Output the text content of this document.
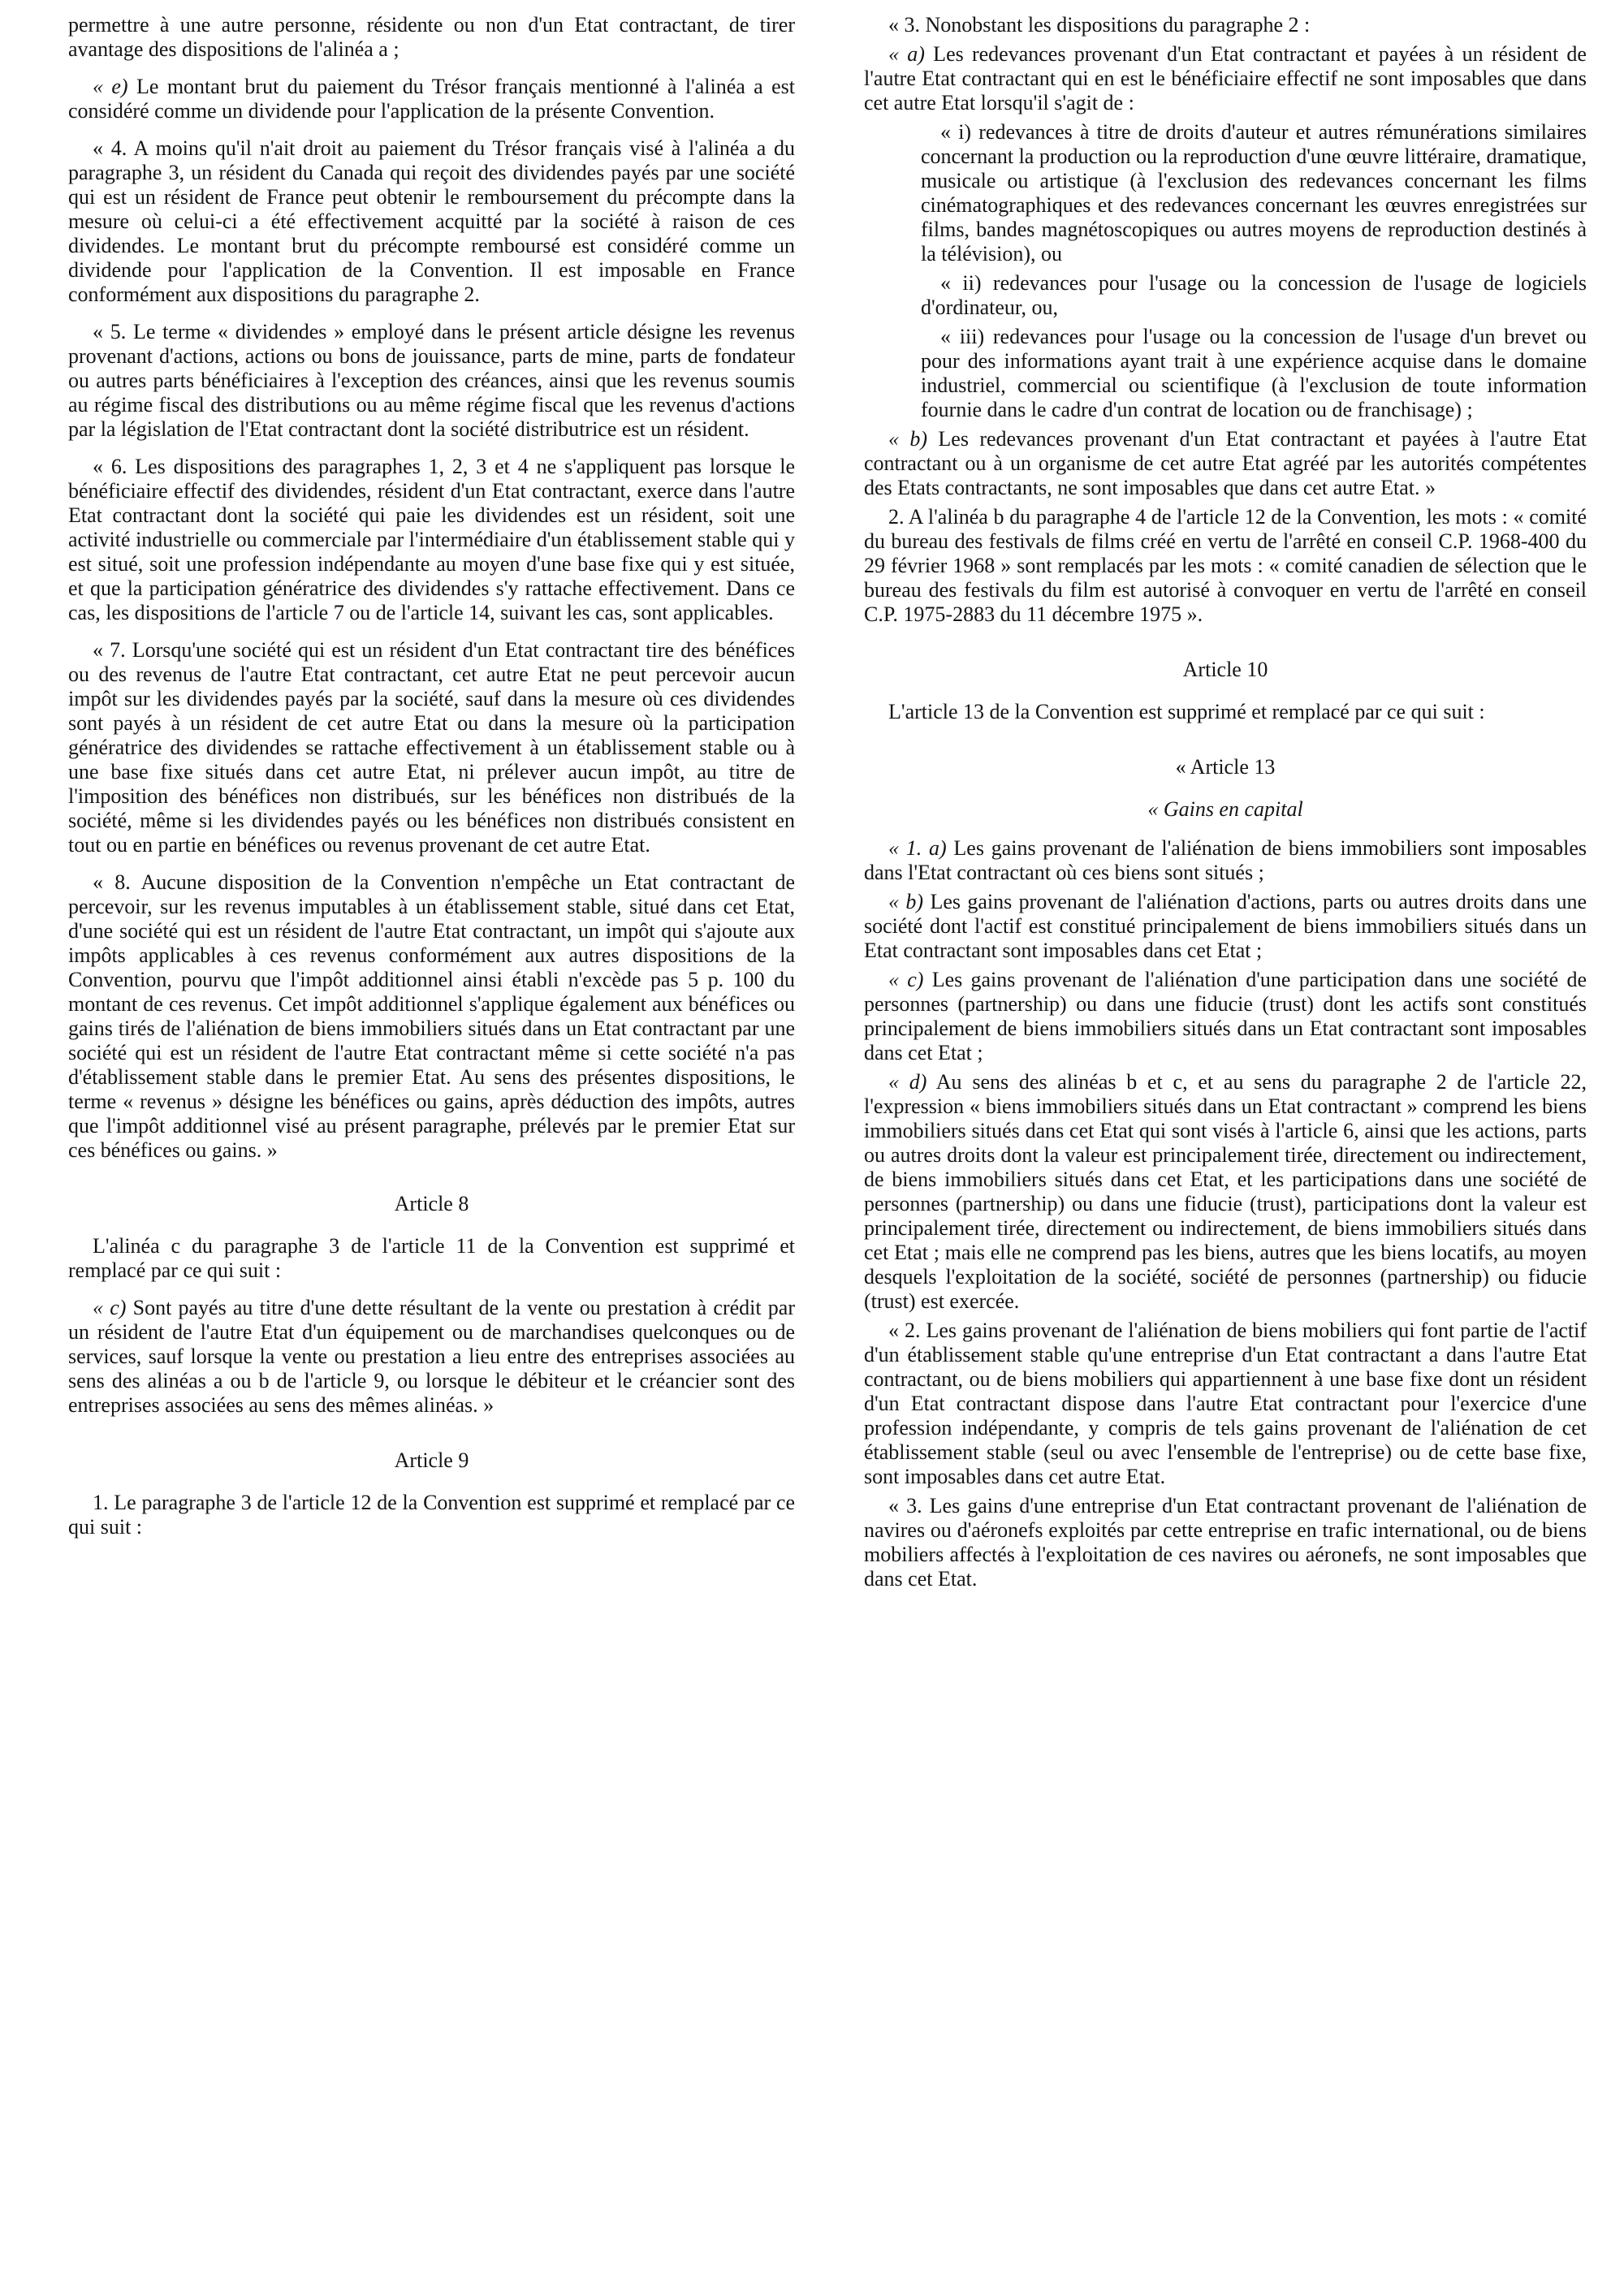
permettre à une autre personne, résidente ou non d'un Etat contractant, de tirer avantage des dispositions de l'alinéa a ;

« e) Le montant brut du paiement du Trésor français mentionné à l'alinéa a est considéré comme un dividende pour l'application de la présente Convention.

« 4. A moins qu'il n'ait droit au paiement du Trésor français visé à l'alinéa a du paragraphe 3, un résident du Canada qui reçoit des dividendes payés par une société qui est un résident de France peut obtenir le remboursement du précompte dans la mesure où celui-ci a été effectivement acquitté par la société à raison de ces dividendes. Le montant brut du précompte remboursé est considéré comme un dividende pour l'application de la Convention. Il est imposable en France conformément aux dispositions du paragraphe 2.

« 5. Le terme « dividendes » employé dans le présent article désigne les revenus provenant d'actions, actions ou bons de jouissance, parts de mine, parts de fondateur ou autres parts bénéficiaires à l'exception des créances, ainsi que les revenus soumis au régime fiscal des distributions ou au même régime fiscal que les revenus d'actions par la législation de l'Etat contractant dont la société distributrice est un résident.

« 6. Les dispositions des paragraphes 1, 2, 3 et 4 ne s'appliquent pas lorsque le bénéficiaire effectif des dividendes, résident d'un Etat contractant, exerce dans l'autre Etat contractant dont la société qui paie les dividendes est un résident, soit une activité industrielle ou commerciale par l'intermédiaire d'un établissement stable qui y est situé, soit une profession indépendante au moyen d'une base fixe qui y est située, et que la participation génératrice des dividendes s'y rattache effectivement. Dans ce cas, les dispositions de l'article 7 ou de l'article 14, suivant les cas, sont applicables.

« 7. Lorsqu'une société qui est un résident d'un Etat contractant tire des bénéfices ou des revenus de l'autre Etat contractant, cet autre Etat ne peut percevoir aucun impôt sur les dividendes payés par la société, sauf dans la mesure où ces dividendes sont payés à un résident de cet autre Etat ou dans la mesure où la participation génératrice des dividendes se rattache effectivement à un établissement stable ou à une base fixe situés dans cet autre Etat, ni prélever aucun impôt, au titre de l'imposition des bénéfices non distribués, sur les bénéfices non distribués de la société, même si les dividendes payés ou les bénéfices non distribués consistent en tout ou en partie en bénéfices ou revenus provenant de cet autre Etat.

« 8. Aucune disposition de la Convention n'empêche un Etat contractant de percevoir, sur les revenus imputables à un établissement stable, situé dans cet Etat, d'une société qui est un résident de l'autre Etat contractant, un impôt qui s'ajoute aux impôts applicables à ces revenus conformément aux autres dispositions de la Convention, pourvu que l'impôt additionnel ainsi établi n'excède pas 5 p. 100 du montant de ces revenus. Cet impôt additionnel s'applique également aux bénéfices ou gains tirés de l'aliénation de biens immobiliers situés dans un Etat contractant par une société qui est un résident de l'autre Etat contractant même si cette société n'a pas d'établissement stable dans le premier Etat. Au sens des présentes dispositions, le terme « revenus » désigne les bénéfices ou gains, après déduction des impôts, autres que l'impôt additionnel visé au présent paragraphe, prélevés par le premier Etat sur ces bénéfices ou gains. »

Article 8

L'alinéa c du paragraphe 3 de l'article 11 de la Convention est supprimé et remplacé par ce qui suit :

« c) Sont payés au titre d'une dette résultant de la vente ou prestation à crédit par un résident de l'autre Etat d'un équipement ou de marchandises quelconques ou de services, sauf lorsque la vente ou prestation a lieu entre des entreprises associées au sens des alinéas a ou b de l'article 9, ou lorsque le débiteur et le créancier sont des entreprises associées au sens des mêmes alinéas. »

Article 9

1. Le paragraphe 3 de l'article 12 de la Convention est supprimé et remplacé par ce qui suit :

« 3. Nonobstant les dispositions du paragraphe 2 :

« a) Les redevances provenant d'un Etat contractant et payées à un résident de l'autre Etat contractant qui en est le bénéficiaire effectif ne sont imposables que dans cet autre Etat lorsqu'il s'agit de :

« i) redevances à titre de droits d'auteur et autres rémunérations similaires concernant la production ou la reproduction d'une œuvre littéraire, dramatique, musicale ou artistique (à l'exclusion des redevances concernant les films cinématographiques et des redevances concernant les œuvres enregistrées sur films, bandes magnétoscopiques ou autres moyens de reproduction destinés à la télévision), ou

« ii) redevances pour l'usage ou la concession de l'usage de logiciels d'ordinateur, ou,

« iii) redevances pour l'usage ou la concession de l'usage d'un brevet ou pour des informations ayant trait à une expérience acquise dans le domaine industriel, commercial ou scientifique (à l'exclusion de toute information fournie dans le cadre d'un contrat de location ou de franchisage) ;

« b) Les redevances provenant d'un Etat contractant et payées à l'autre Etat contractant ou à un organisme de cet autre Etat agréé par les autorités compétentes des Etats contractants, ne sont imposables que dans cet autre Etat. »

2. A l'alinéa b du paragraphe 4 de l'article 12 de la Convention, les mots : « comité du bureau des festivals de films créé en vertu de l'arrêté en conseil C.P. 1968-400 du 29 février 1968 » sont remplacés par les mots : « comité canadien de sélection que le bureau des festivals du film est autorisé à convoquer en vertu de l'arrêté en conseil C.P. 1975-2883 du 11 décembre 1975 ».

Article 10

L'article 13 de la Convention est supprimé et remplacé par ce qui suit :

« Article 13
« Gains en capital

« 1. a) Les gains provenant de l'aliénation de biens immobiliers sont imposables dans l'Etat contractant où ces biens sont situés ;

« b) Les gains provenant de l'aliénation d'actions, parts ou autres droits dans une société dont l'actif est constitué principalement de biens immobiliers situés dans un Etat contractant sont imposables dans cet Etat ;

« c) Les gains provenant de l'aliénation d'une participation dans une société de personnes (partnership) ou dans une fiducie (trust) dont les actifs sont constitués principalement de biens immobiliers situés dans un Etat contractant sont imposables dans cet Etat ;

« d) Au sens des alinéas b et c, et au sens du paragraphe 2 de l'article 22, l'expression « biens immobiliers situés dans un Etat contractant » comprend les biens immobiliers situés dans cet Etat qui sont visés à l'article 6, ainsi que les actions, parts ou autres droits dont la valeur est principalement tirée, directement ou indirectement, de biens immobiliers situés dans cet Etat, et les participations dans une société de personnes (partnership) ou dans une fiducie (trust), participations dont la valeur est principalement tirée, directement ou indirectement, de biens immobiliers situés dans cet Etat ; mais elle ne comprend pas les biens, autres que les biens locatifs, au moyen desquels l'exploitation de la société, société de personnes (partnership) ou fiducie (trust) est exercée.

« 2. Les gains provenant de l'aliénation de biens mobiliers qui font partie de l'actif d'un établissement stable qu'une entreprise d'un Etat contractant a dans l'autre Etat contractant, ou de biens mobiliers qui appartiennent à une base fixe dont un résident d'un Etat contractant dispose dans l'autre Etat contractant pour l'exercice d'une profession indépendante, y compris de tels gains provenant de l'aliénation de cet établissement stable (seul ou avec l'ensemble de l'entreprise) ou de cette base fixe, sont imposables dans cet autre Etat.

« 3. Les gains d'une entreprise d'un Etat contractant provenant de l'aliénation de navires ou d'aéronefs exploités par cette entreprise en trafic international, ou de biens mobiliers affectés à l'exploitation de ces navires ou aéronefs, ne sont imposables que dans cet Etat.
